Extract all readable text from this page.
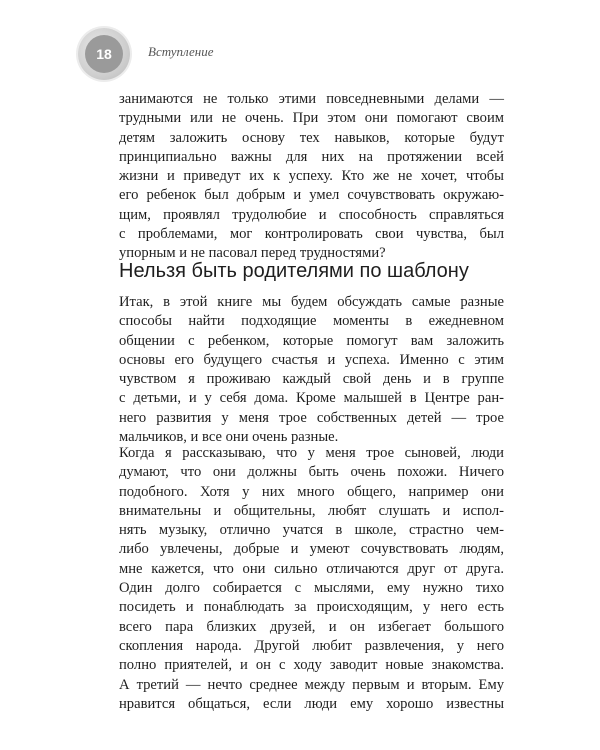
18	Вступление
занимаются не только этими повседневными делами —
трудными или не очень. При этом они помогают своим
детям заложить основу тех навыков, которые будут
принципиально важны для них на протяжении всей
жизни и приведут их к успеху. Кто же не хочет, чтобы
его ребенок был добрым и умел сочувствовать окружаю-
щим, проявлял трудолюбие и способность справляться
с проблемами, мог контролировать свои чувства, был
упорным и не пасовал перед трудностями?
Нельзя быть родителями по шаблону
Итак, в этой книге мы будем обсуждать самые разные
способы найти подходящие моменты в ежедневном
общении с ребенком, которые помогут вам заложить
основы его будущего счастья и успеха. Именно с этим
чувством я проживаю каждый свой день и в группе
с детьми, и у себя дома. Кроме малышей в Центре ран-
него развития у меня трое собственных детей — трое
мальчиков, и все они очень разные.
Когда я рассказываю, что у меня трое сыновей, люди
думают, что они должны быть очень похожи. Ничего
подобного. Хотя у них много общего, например они
внимательны и общительны, любят слушать и испол-
нять музыку, отлично учатся в школе, страстно чем-
либо увлечены, добрые и умеют сочувствовать людям,
мне кажется, что они сильно отличаются друг от друга.
Один долго собирается с мыслями, ему нужно тихо
посидеть и понаблюдать за происходящим, у него есть
всего пара близких друзей, и он избегает большого
скопления народа. Другой любит развлечения, у него
полно приятелей, и он с ходу заводит новые знакомства.
А третий — нечто среднее между первым и вторым. Ему
нравится общаться, если люди ему хорошо известны
